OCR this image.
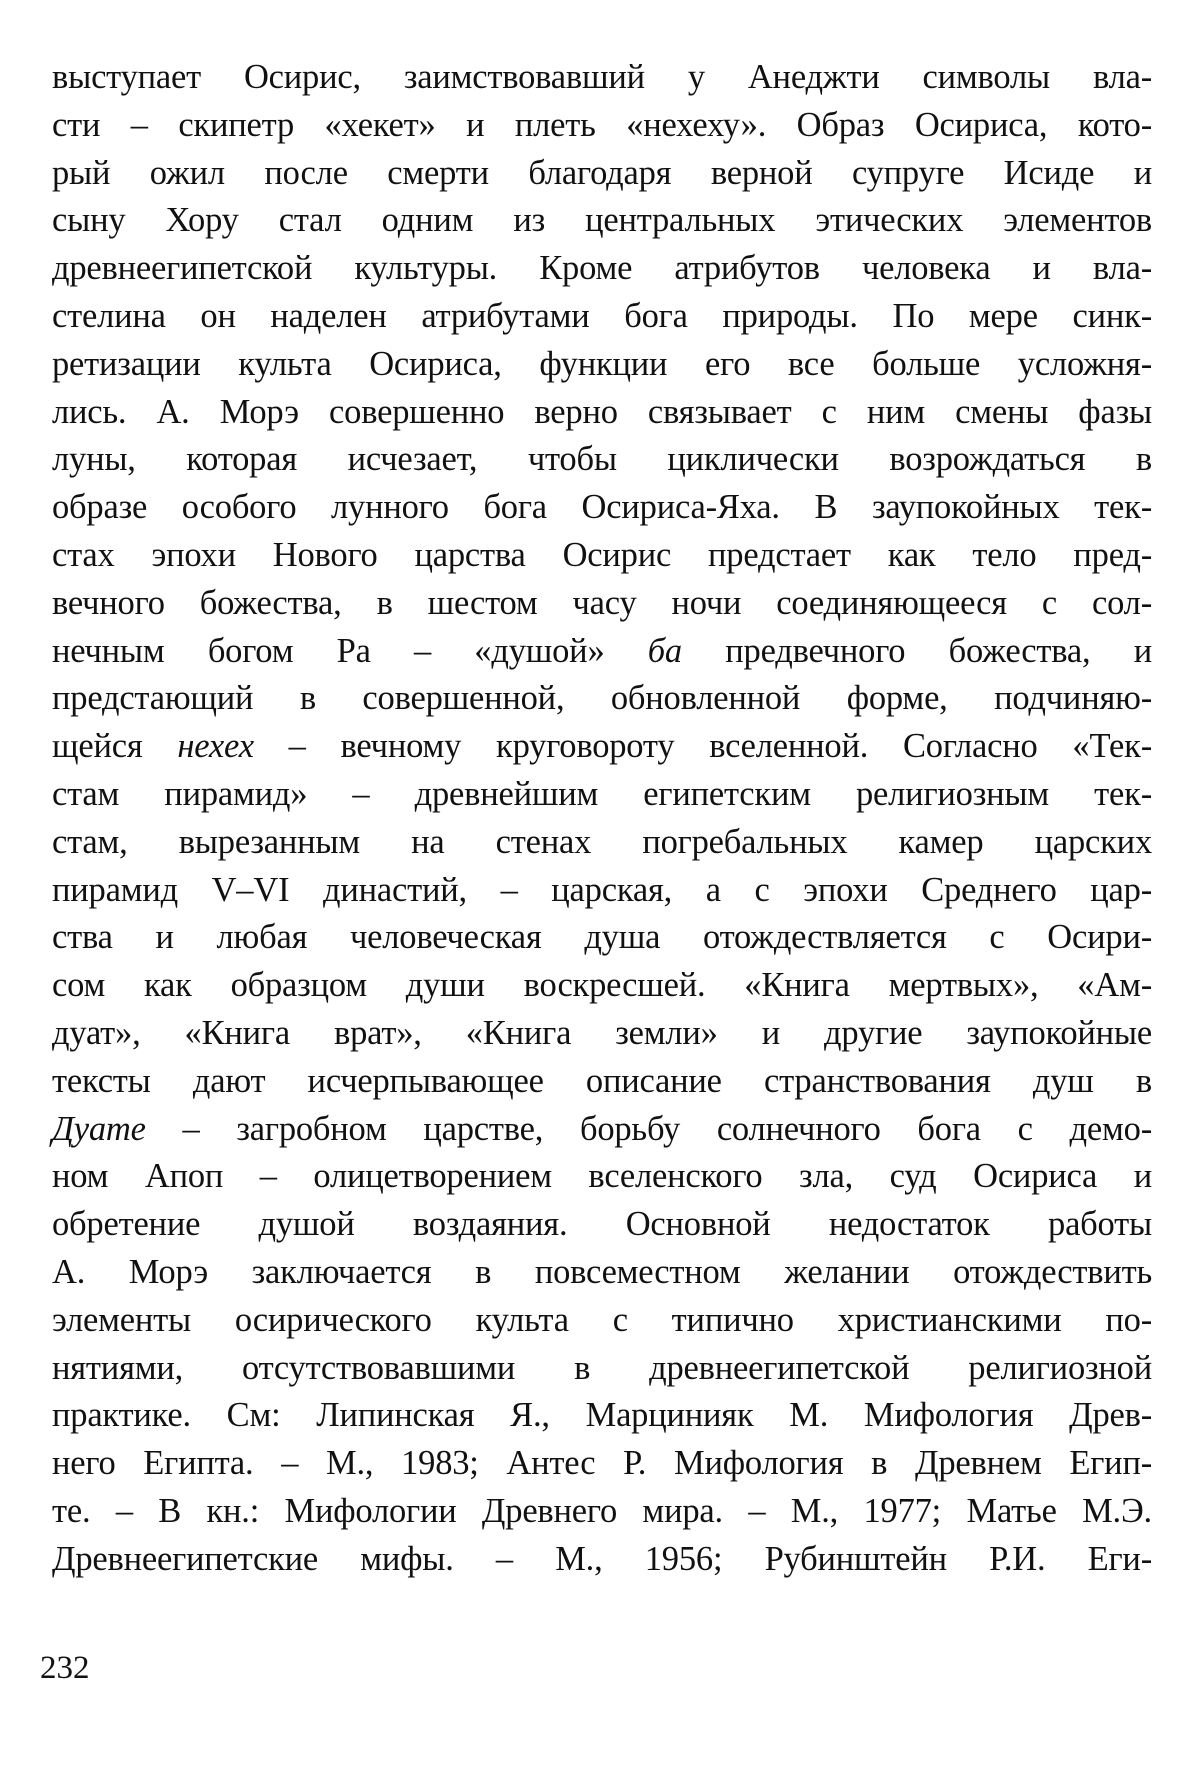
выступает Осирис, заимствовавший у Анеджти символы вла-
сти – скипетр «хекет» и плеть «нехеху». Образ Осириса, кото-
рый ожил после смерти благодаря верной супруге Исиде и
сыну Хору стал одним из центральных этических элементов
древнеегипетской культуры. Кроме атрибутов человека и вла-
стелина он наделен атрибутами бога природы. По мере синк-
ретизации культа Осириса, функции его все больше усложня-
лись. А. Морэ совершенно верно связывает с ним смены фазы
луны, которая исчезает, чтобы циклически возрождаться в
образе особого лунного бога Осириса-Яха. В заупокойных тек-
стах эпохи Нового царства Осирис предстает как тело пред-
вечного божества, в шестом часу ночи соединяющееся с сол-
нечным богом Ра – «душой» ба предвечного божества, и
предстающий в совершенной, обновленной форме, подчиняю-
щейся нехех – вечному круговороту вселенной. Согласно «Тек-
стам пирамид» – древнейшим египетским религиозным тек-
стам, вырезанным на стенах погребальных камер царских
пирамид V–VI династий, – царская, а с эпохи Среднего цар-
ства и любая человеческая душа отождествляется с Осири-
сом как образцом души воскресшей. «Книга мертвых», «Ам-
дуат», «Книга врат», «Книга земли» и другие заупокойные
тексты дают исчерпывающее описание странствования душ в
Дуате – загробном царстве, борьбу солнечного бога с демо-
ном Апоп – олицетворением вселенского зла, суд Осириса и
обретение душой воздаяния. Основной недостаток работы
А. Морэ заключается в повсеместном желании отождествить
элементы осирического культа с типично христианскими по-
нятиями, отсутствовавшими в древнеегипетской религиозной
практике. См: Липинская Я., Марцинияк М. Мифология Древ-
него Египта. – М., 1983; Антес Р. Мифология в Древнем Егип-
те. – В кн.: Мифологии Древнего мира. – М., 1977; Матье М.Э.
Древнеегипетские мифы. – М., 1956; Рубинштейн Р.И. Еги-
232
